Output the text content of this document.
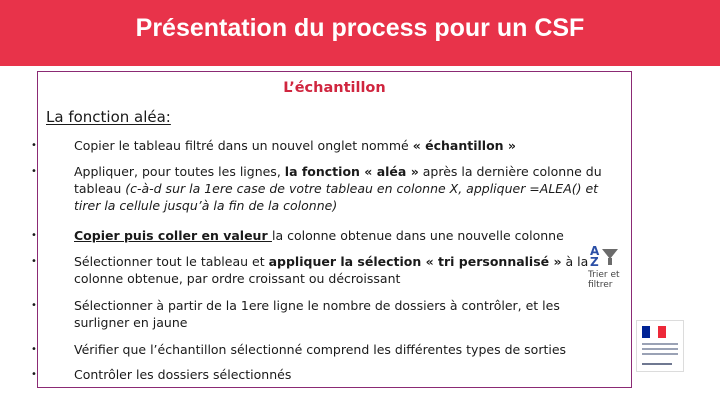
Présentation du process pour un CSF
L’échantillon
La fonction aléa:
•	Copier le tableau filtré dans un nouvel onglet nommé « échantillon »
•	Appliquer, pour toutes les lignes, la fonction « aléa » après la dernière colonne du tableau (c-à-d sur la 1ere case de votre tableau en colonne X, appliquer =ALEA() et tirer la cellule jusqu’à la fin de la colonne)
•	Copier puis coller en valeur la colonne obtenue dans une nouvelle colonne
•	Sélectionner tout le tableau et appliquer la sélection « tri personnalisé » à la colonne obtenue, par ordre croissant ou décroissant
•	Sélectionner à partir de la 1ere ligne le nombre de dossiers à contrôler, et les surligner en jaune
•	Vérifier que l’échantillon sélectionné comprend les différentes types de sorties
•	Contrôler les dossiers sélectionnés
A
Z
Trier et filtrer
